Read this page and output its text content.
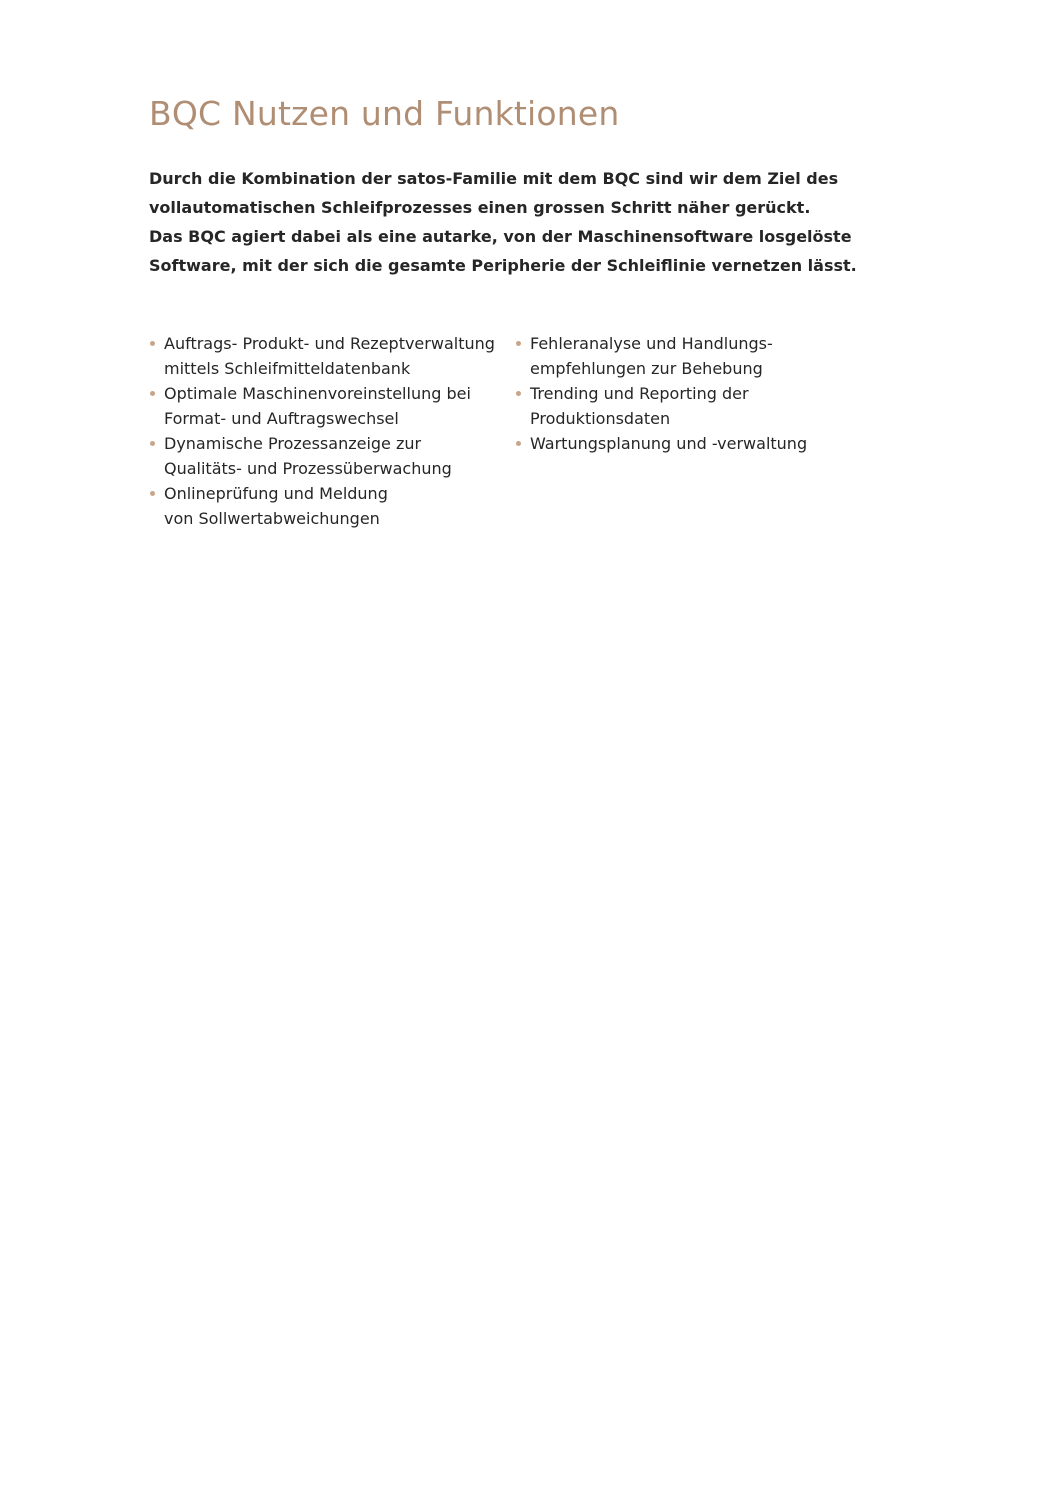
BQC Nutzen und Funktionen
Durch die Kombination der satos-Familie mit dem BQC sind wir dem Ziel des
vollautomatischen Schleifprozesses einen grossen Schritt näher gerückt.
Das BQC agiert dabei als eine autarke, von der Maschinensoftware losgelöste
Software, mit der sich die gesamte Peripherie der Schleiflinie vernetzen lässt.
Auftrags- Produkt- und Rezeptverwaltung
mittels Schleifmitteldatenbank
Optimale Maschinenvoreinstellung bei
Format- und Auftragswechsel
Dynamische Prozessanzeige zur
Qualitäts- und Prozessüberwachung
Onlineprüfung und Meldung
von Sollwertabweichungen
Fehleranalyse und Handlungs-
empfehlungen zur Behebung
Trending und Reporting der
Produktionsdaten
Wartungsplanung und -verwaltung
